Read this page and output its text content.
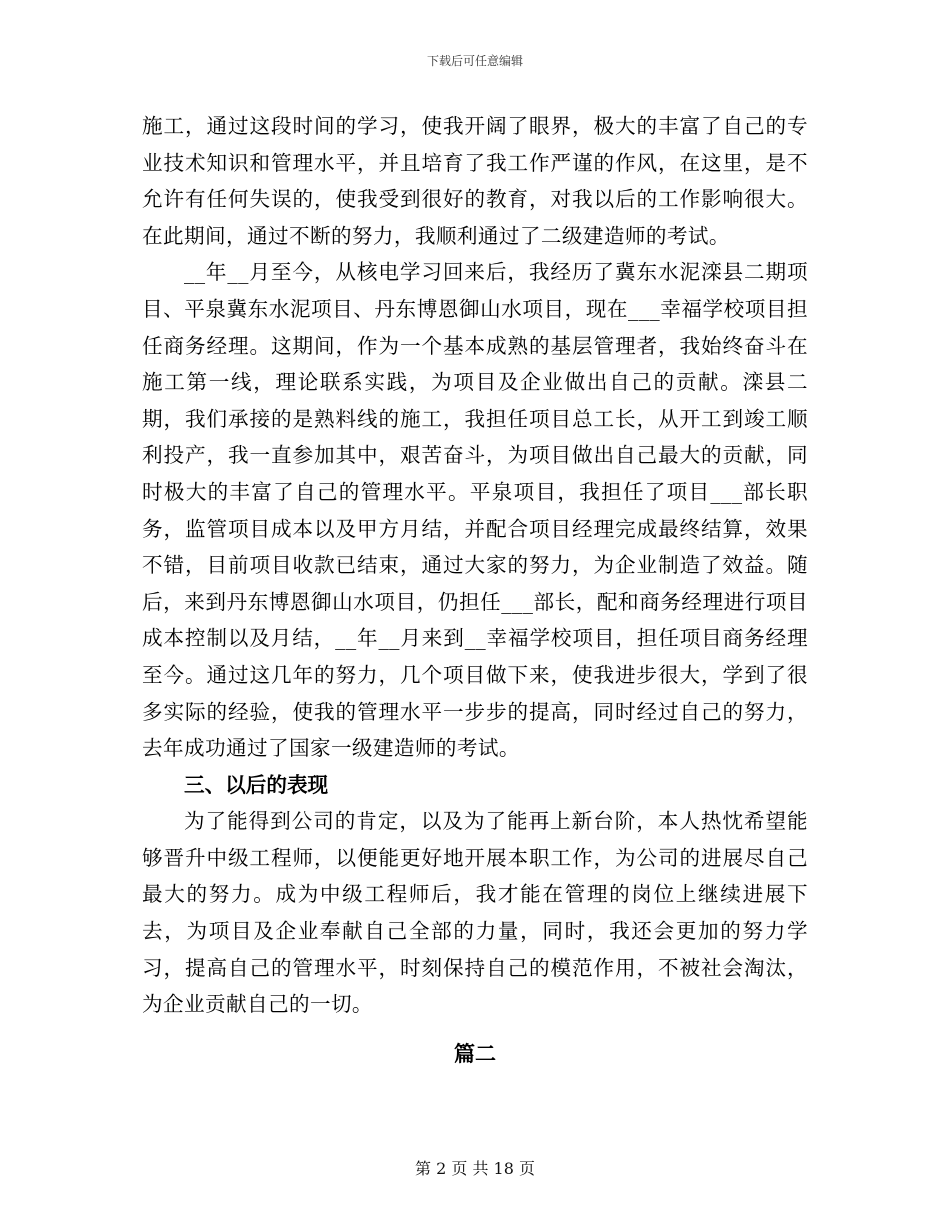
下载后可任意编辑

施工，通过这段时间的学习，使我开阔了眼界，极大的丰富了自己的专业技术知识和管理水平，并且培育了我工作严谨的作风，在这里，是不允许有任何失误的，使我受到很好的教育，对我以后的工作影响很大。在此期间，通过不断的努力，我顺利通过了二级建造师的考试。

__年__月至今，从核电学习回来后，我经历了冀东水泥滦县二期项目、平泉冀东水泥项目、丹东博恩御山水项目，现在___幸福学校项目担任商务经理。这期间，作为一个基本成熟的基层管理者，我始终奋斗在施工第一线，理论联系实践，为项目及企业做出自己的贡献。滦县二期，我们承接的是熟料线的施工，我担任项目总工长，从开工到竣工顺利投产，我一直参加其中，艰苦奋斗，为项目做出自己最大的贡献，同时极大的丰富了自己的管理水平。平泉项目，我担任了项目___部长职务，监管项目成本以及甲方月结，并配合项目经理完成最终结算，效果不错，目前项目收款已结束，通过大家的努力，为企业制造了效益。随后，来到丹东博恩御山水项目，仍担任___部长，配和商务经理进行项目成本控制以及月结，__年__月来到__幸福学校项目，担任项目商务经理至今。通过这几年的努力，几个项目做下来，使我进步很大，学到了很多实际的经验，使我的管理水平一步步的提高，同时经过自己的努力，去年成功通过了国家一级建造师的考试。

三、以后的表现

为了能得到公司的肯定，以及为了能再上新台阶，本人热忱希望能够晋升中级工程师，以便能更好地开展本职工作，为公司的进展尽自己最大的努力。成为中级工程师后，我才能在管理的岗位上继续进展下去，为项目及企业奉献自己全部的力量，同时，我还会更加的努力学习，提高自己的管理水平，时刻保持自己的模范作用，不被社会淘汰，为企业贡献自己的一切。

篇二
第 2 页 共 18 页
